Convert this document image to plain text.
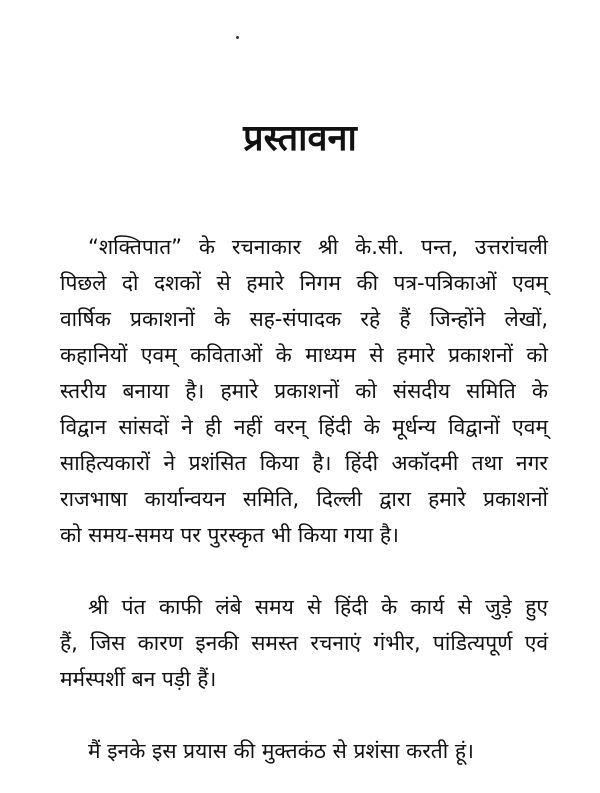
प्रस्तावना
“शक्तिपात” के रचनाकार श्री के.सी. पन्त, उत्तरांचली
पिछले दो दशकों से हमारे निगम की पत्र-पत्रिकाओं एवम्
वार्षिक प्रकाशनों के सह-संपादक रहे हैं जिन्होंने लेखों,
कहानियों एवम् कविताओं के माध्यम से हमारे प्रकाशनों को
स्तरीय बनाया है। हमारे प्रकाशनों को संसदीय समिति के
विद्वान सांसदों ने ही नहीं वरन् हिंदी के मूर्धन्य विद्वानों एवम्
साहित्यकारों ने प्रशंसित किया है। हिंदी अकॉदमी तथा नगर
राजभाषा कार्यान्वयन समिति, दिल्ली द्वारा हमारे प्रकाशनों
को समय-समय पर पुरस्कृत भी किया गया है।
श्री पंत काफी लंबे समय से हिंदी के कार्य से जुड़े हुए
हैं, जिस कारण इनकी समस्त रचनाएं गंभीर, पांडित्यपूर्ण एवं
मर्मस्पर्शी बन पड़ी हैं।
मैं इनके इस प्रयास की मुक्तकंठ से प्रशंसा करती हूं।
